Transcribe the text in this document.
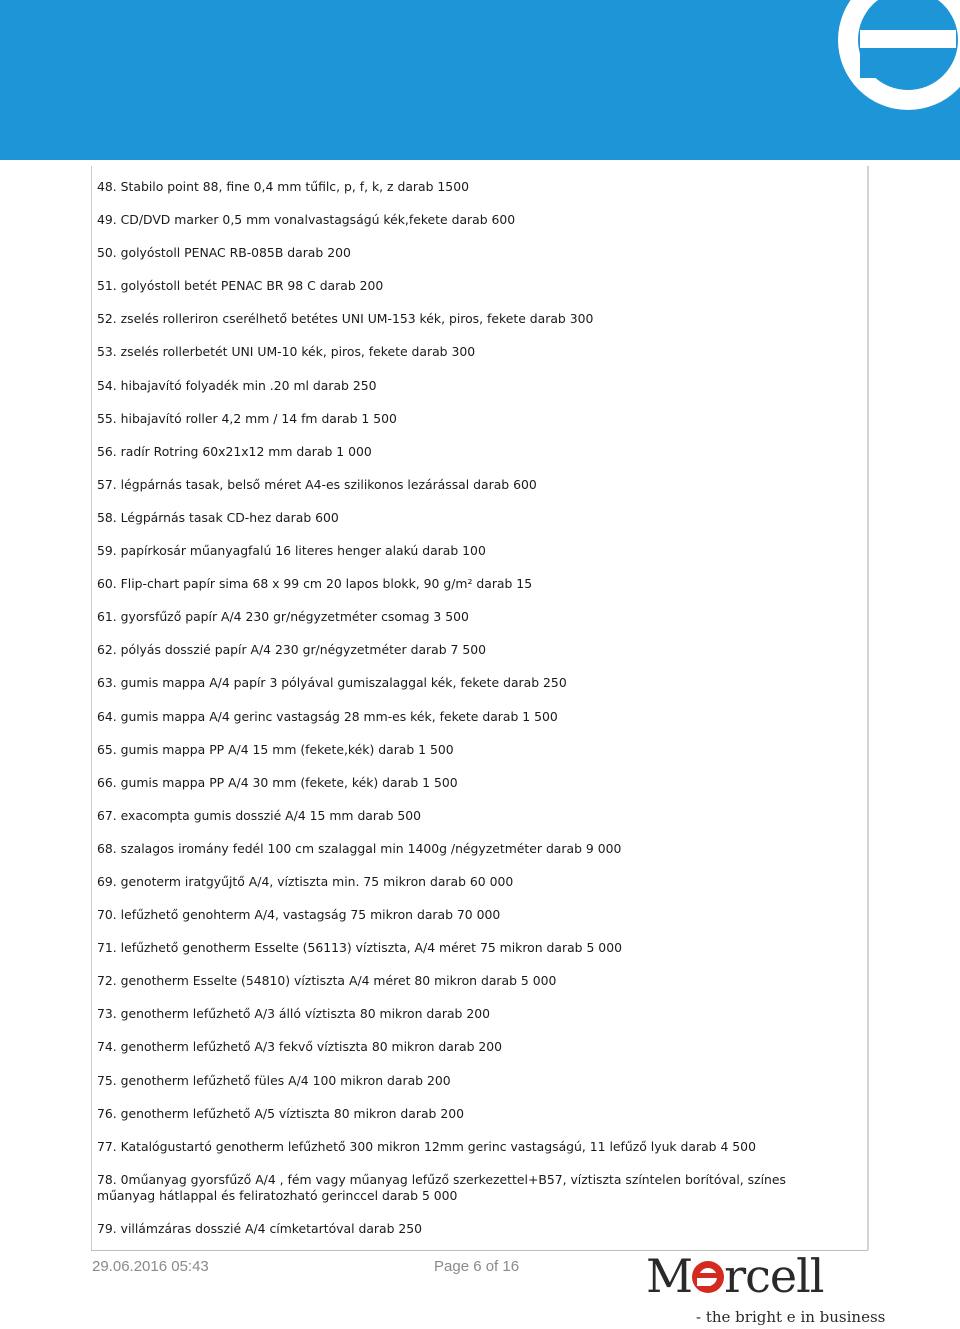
48. Stabilo point 88, fine 0,4 mm tűfilc, p, f, k, z darab 1500
49. CD/DVD marker 0,5 mm vonalvastagságú kék,fekete darab 600
50. golyóstoll PENAC RB-085B darab 200
51. golyóstoll betét PENAC BR 98 C darab 200
52. zselés rolleriron cserélhető betétes UNI UM-153 kék, piros, fekete darab 300
53. zselés rollerbetét UNI UM-10 kék, piros, fekete darab 300
54. hibajavító folyadék min .20 ml darab 250
55. hibajavító roller 4,2 mm / 14 fm darab 1 500
56. radír Rotring 60x21x12 mm darab 1 000
57. légpárnás tasak, belső méret A4-es szilikonos lezárással darab 600
58. Légpárnás tasak CD-hez darab 600
59. papírkosár műanyagfalú 16 literes henger alakú darab 100
60. Flip-chart papír sima 68 x 99 cm 20 lapos blokk, 90 g/m² darab 15
61. gyorsfűző papír A/4 230 gr/négyzetméter csomag 3 500
62. pólyás dosszié papír A/4 230 gr/négyzetméter darab 7 500
63. gumis mappa A/4 papír 3 pólyával gumiszalaggal kék, fekete darab 250
64. gumis mappa A/4 gerinc vastagság 28 mm-es kék, fekete darab 1 500
65. gumis mappa PP A/4 15 mm (fekete,kék) darab 1 500
66. gumis mappa PP A/4 30 mm (fekete, kék) darab 1 500
67. exacompta gumis dosszié A/4 15 mm darab 500
68. szalagos iromány fedél 100 cm szalaggal min 1400g /négyzetméter darab 9 000
69. genoterm iratgyűjtő A/4, víztiszta min. 75 mikron darab 60 000
70. lefűzhető genohterm A/4, vastagság 75 mikron darab 70 000
71. lefűzhető genotherm Esselte (56113) víztiszta, A/4 méret 75 mikron darab 5 000
72. genotherm Esselte (54810) víztiszta A/4 méret 80 mikron darab 5 000
73. genotherm lefűzhető A/3 álló víztiszta 80 mikron darab 200
74. genotherm lefűzhető A/3 fekvő víztiszta 80 mikron darab 200
75. genotherm lefűzhető füles A/4 100 mikron darab 200
76. genotherm lefűzhető A/5 víztiszta 80 mikron darab 200
77. Katalógustartó genotherm lefűzhető 300 mikron 12mm gerinc vastagságú, 11 lefűző lyuk darab 4 500
78. 0műanyag gyorsfűző A/4 , fém vagy műanyag lefűző szerkezettel+B57, víztiszta színtelen borítóval, színes műanyag hátlappal és feliratozható gerinccel darab 5 000
79. villámzáras dosszié A/4 címketartóval darab 250
29.06.2016 05:43	Page 6 of 16	M rcell
- the bright e in business
